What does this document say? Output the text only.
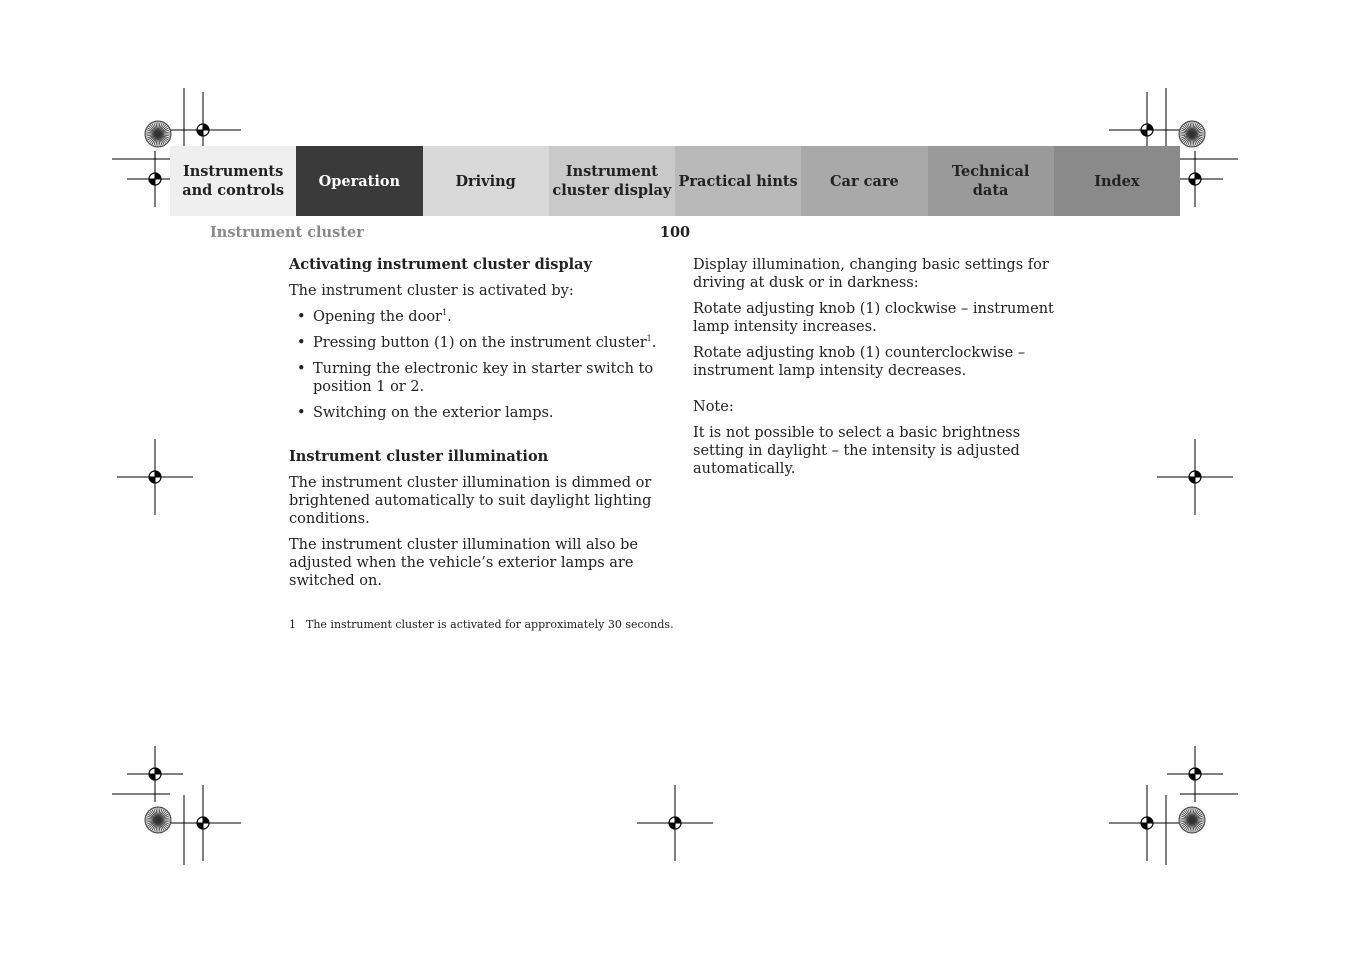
Instruments
and controls
Operation	Driving
Instrument
cluster display
Practical hints	Car care
Technical
data
Index
Instrument cluster	100
Activating instrument cluster display

The instrument cluster is activated by:

• Opening the door$^1$.
• Pressing button (1) on the instrument cluster$^1$.
• Turning the electronic key in starter switch to position 1 or 2.
• Switching on the exterior lamps.
Instrument cluster illumination

The instrument cluster illumination is dimmed or brightened automatically to suit daylight lighting conditions.

The instrument cluster illumination will also be adjusted when the vehicle’s exterior lamps are switched on.

Display illumination, changing basic settings for driving at dusk or in darkness:

Rotate adjusting knob (1) clockwise – instrument lamp intensity increases.

Rotate adjusting knob (1) counterclockwise – instrument lamp intensity decreases.

Note:

It is not possible to select a basic brightness setting in daylight – the intensity is adjusted automatically.

1 The instrument cluster is activated for approximately 30 seconds.
